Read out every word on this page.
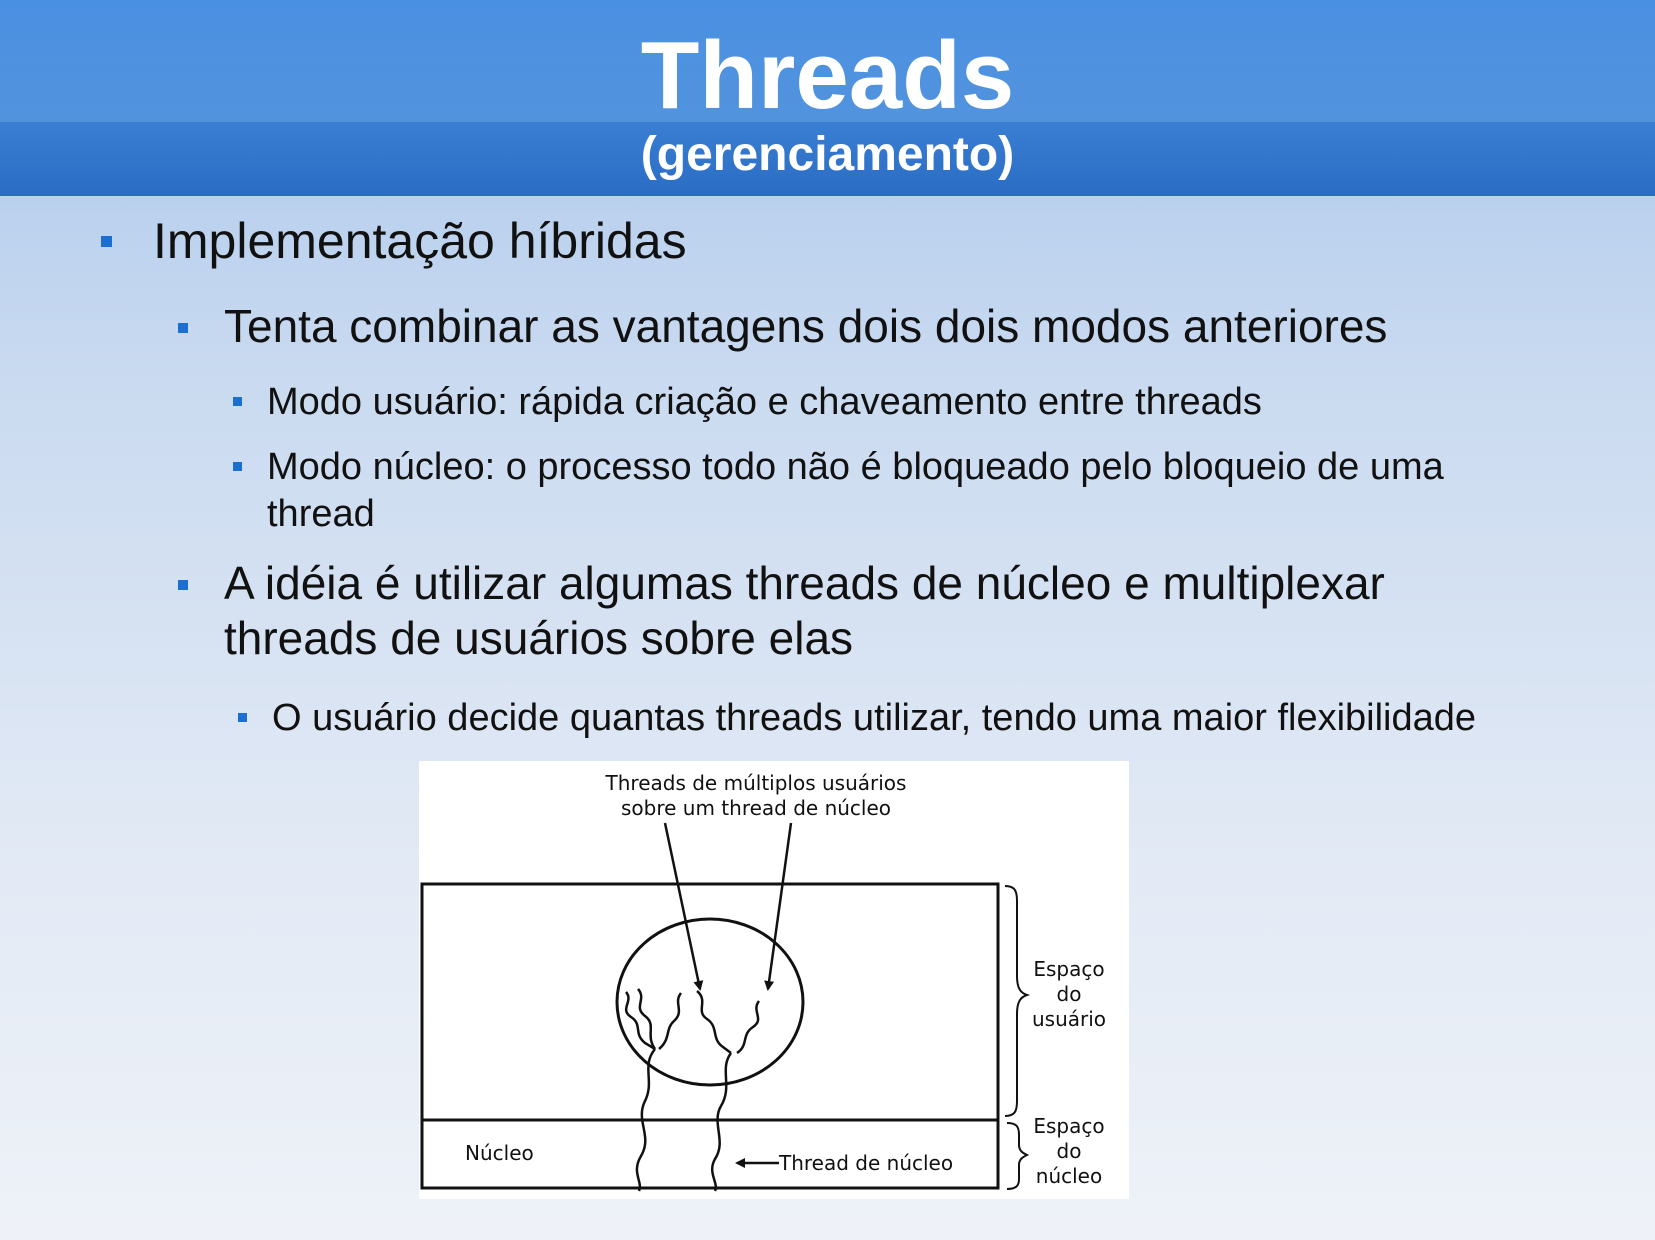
Threads
(gerenciamento)
Implementação híbridas
Tenta combinar as vantagens dois dois modos anteriores
Modo usuário: rápida criação e chaveamento entre threads
Modo núcleo: o processo todo não é bloqueado pelo bloqueio de uma
thread
A idéia é utilizar algumas threads de núcleo e multiplexar
threads de usuários sobre elas
O usuário decide quantas threads utilizar, tendo uma maior flexibilidade
Threads de múltiplos usuários
sobre um thread de núcleo
Thread de núcleo
Núcleo
Espaço
do
usuário
Espaço
do
núcleo
